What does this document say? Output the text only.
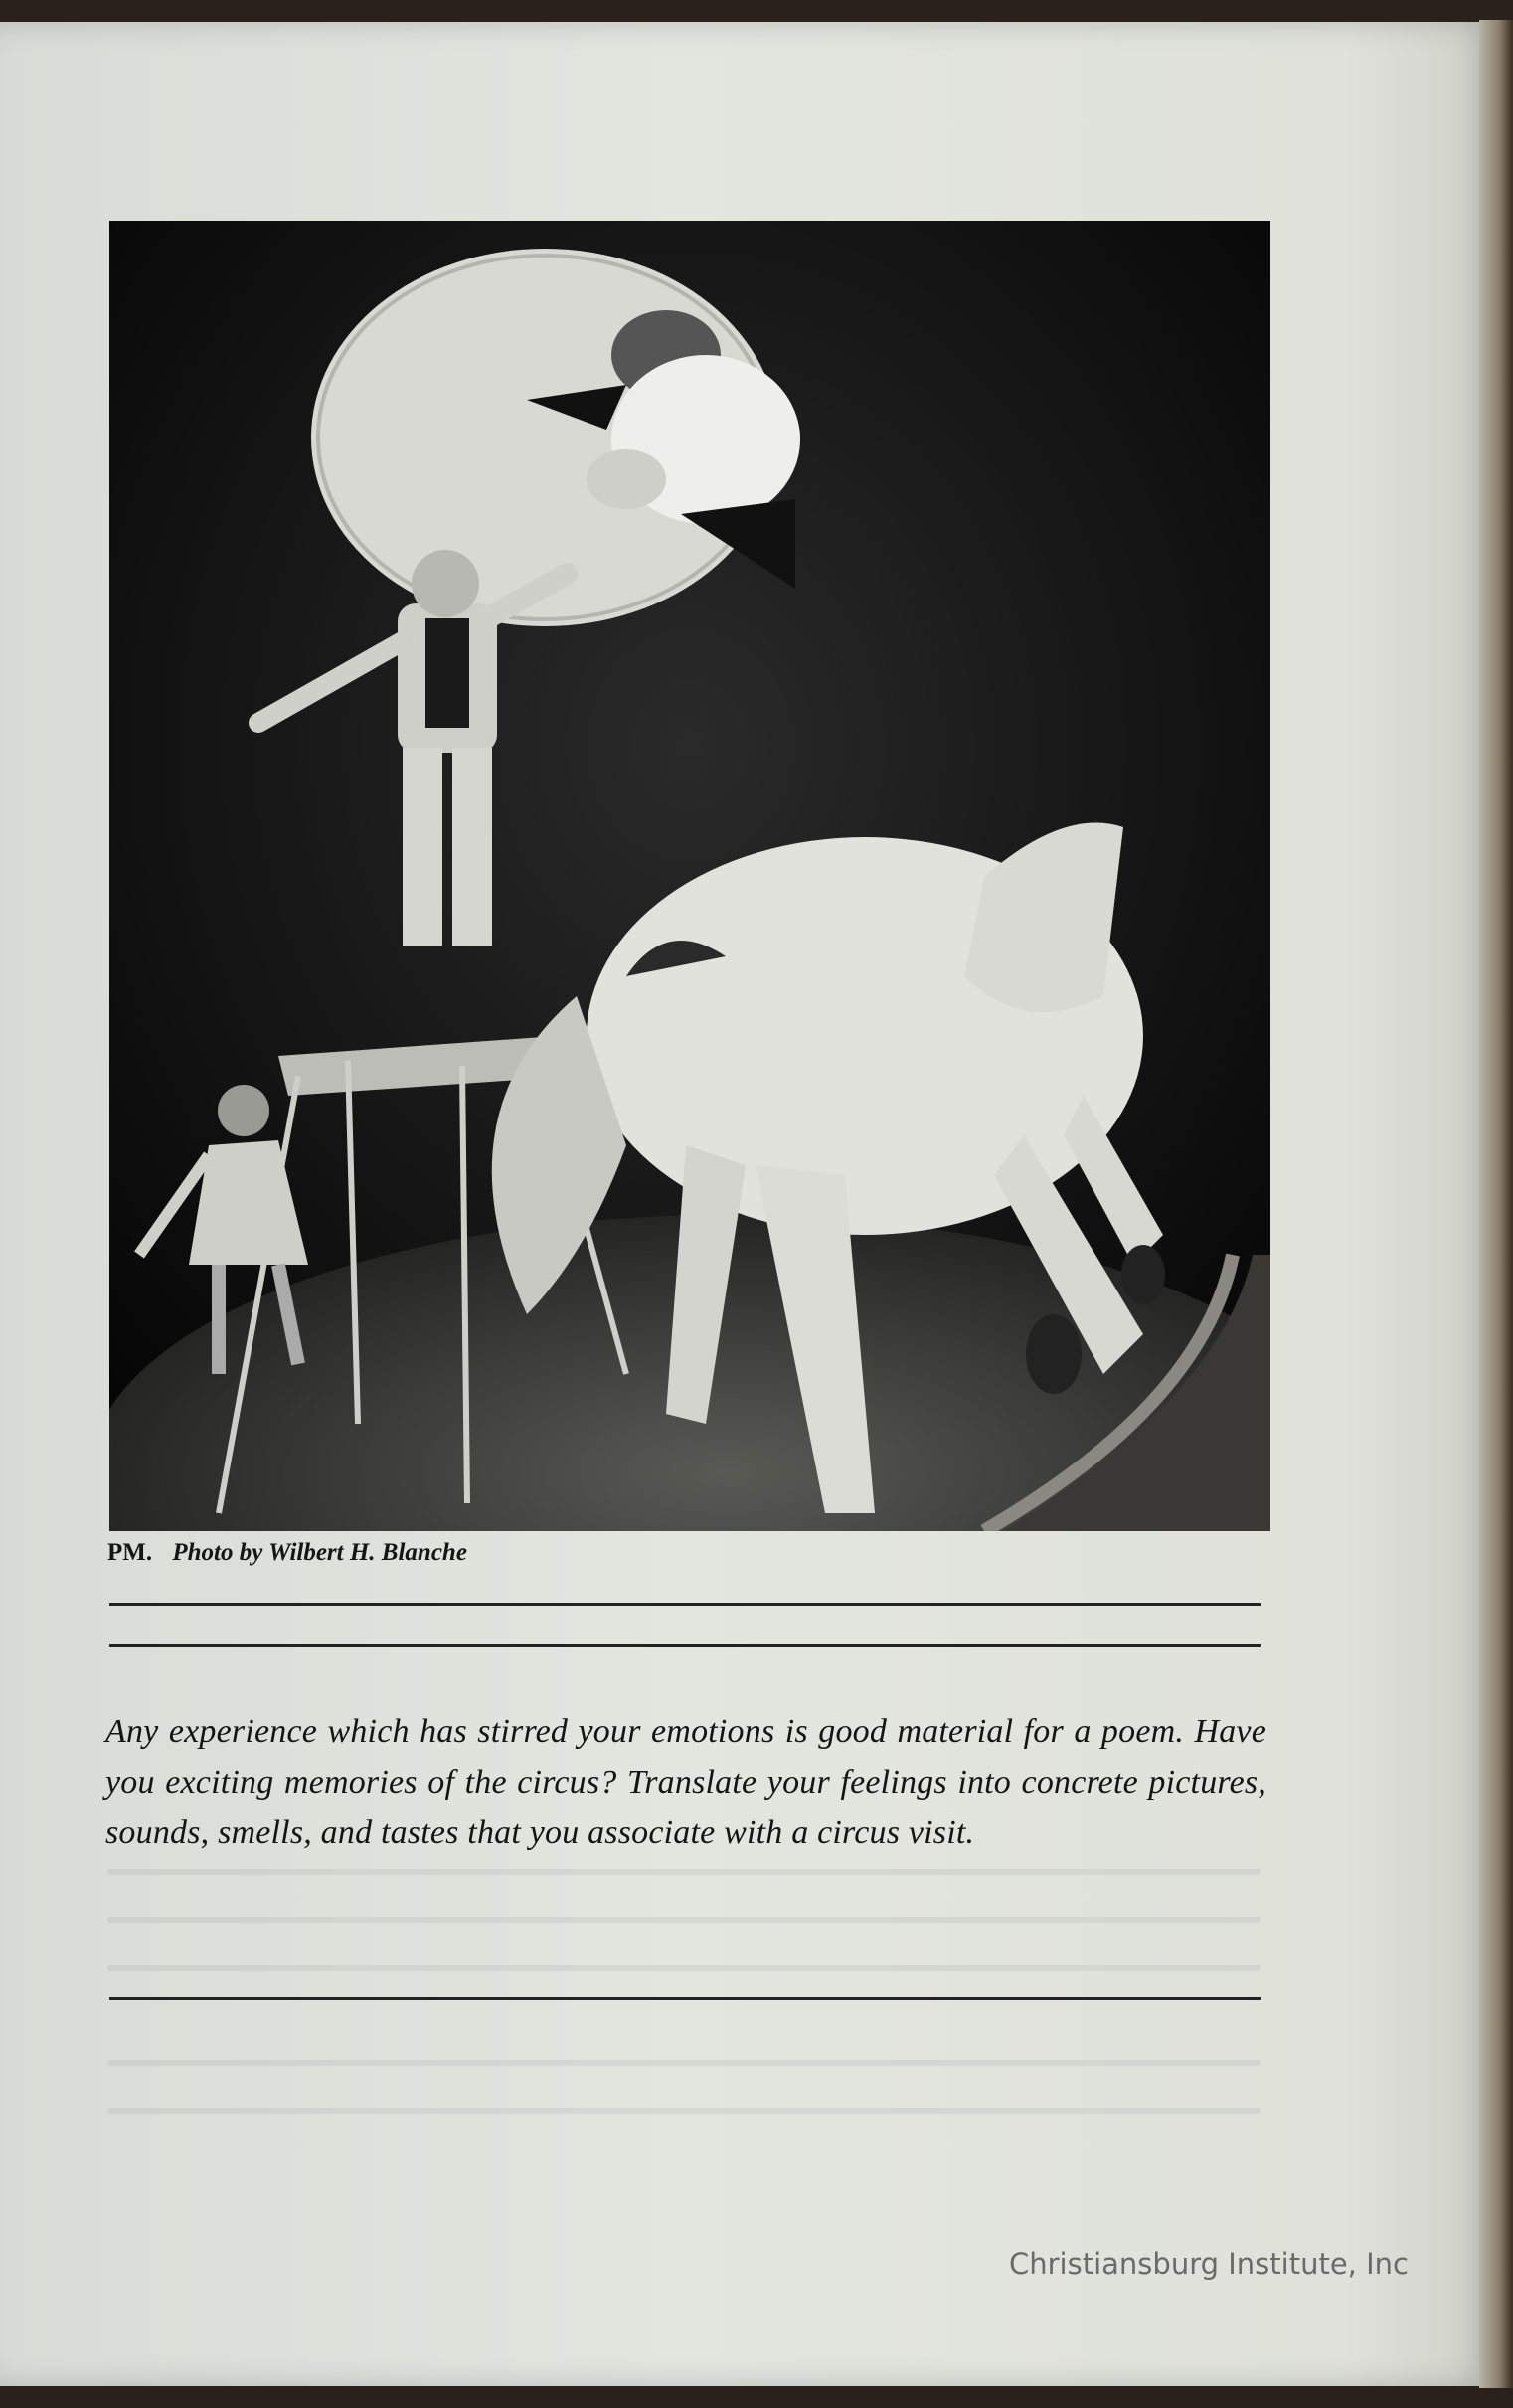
PM. Photo by Wilbert H. Blanche
Any experience which has stirred your emotions is good material for a poem. Have you exciting memories of the circus? Translate your feelings into concrete pictures, sounds, smells, and tastes that you associate with a circus visit.
Christiansburg Institute, Inc
